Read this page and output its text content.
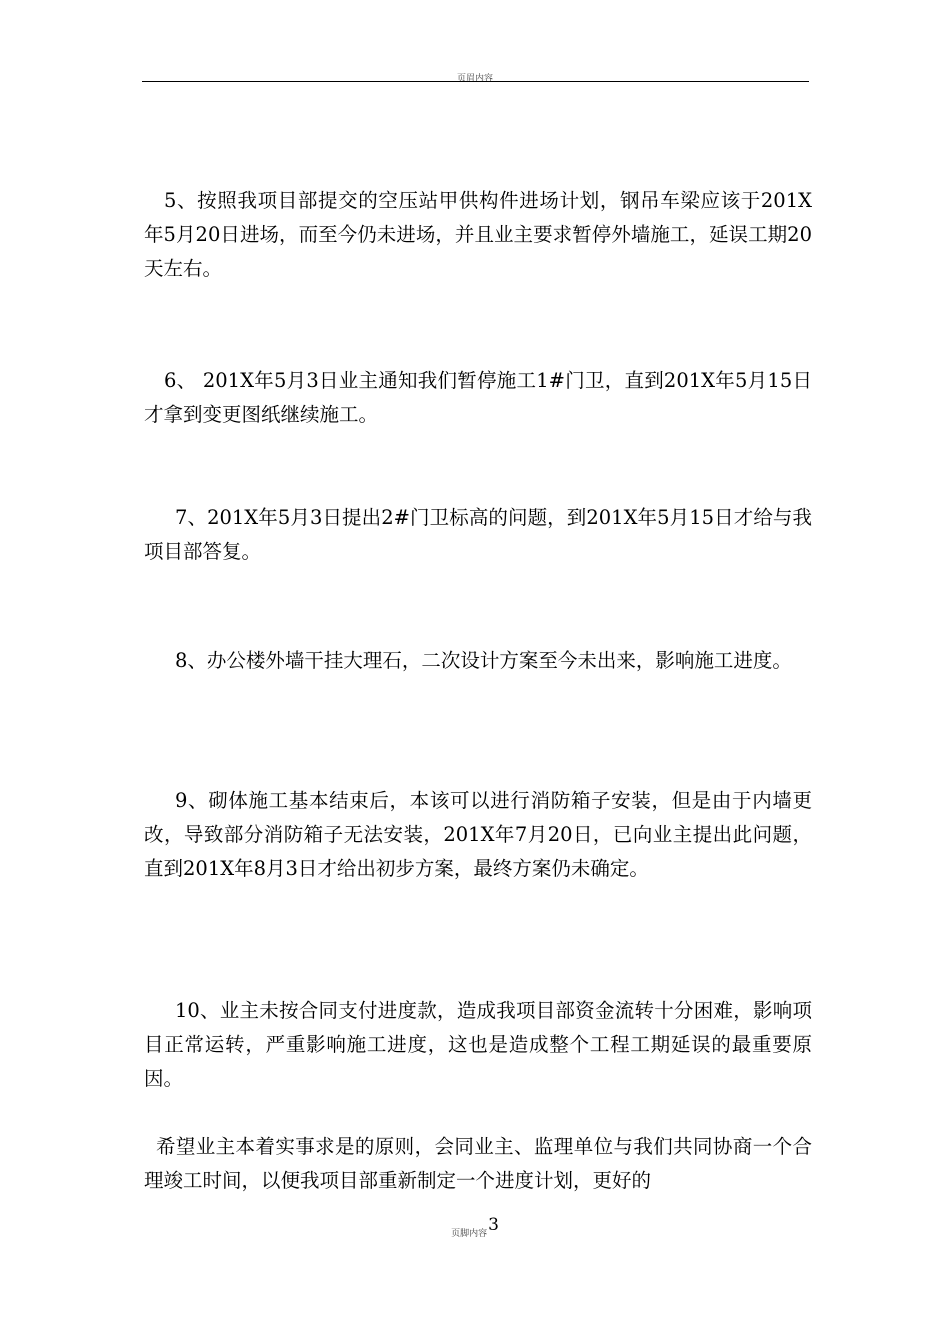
页眉内容

5、按照我项目部提交的空压站甲供构件进场计划，钢吊车梁应该于201X年5月20日进场，而至今仍未进场，并且业主要求暂停外墙施工，延误工期20天左右。

6、 201X年5月3日业主通知我们暂停施工1#门卫，直到201X年5月15日才拿到变更图纸继续施工。

7、201X年5月3日提出2#门卫标高的问题，到201X年5月15日才给与我项目部答复。

8、办公楼外墙干挂大理石，二次设计方案至今未出来，影响施工进度。

9、砌体施工基本结束后，本该可以进行消防箱子安装，但是由于内墙更改，导致部分消防箱子无法安装，201X年7月20日，已向业主提出此问题，直到201X年8月3日才给出初步方案，最终方案仍未确定。

10、业主未按合同支付进度款，造成我项目部资金流转十分困难，影响项目正常运转，严重影响施工进度，这也是造成整个工程工期延误的最重要原因。

希望业主本着实事求是的原则，会同业主、监理单位与我们共同协商一个合理竣工时间，以便我项目部重新制定一个进度计划，更好的

页脚内容3
